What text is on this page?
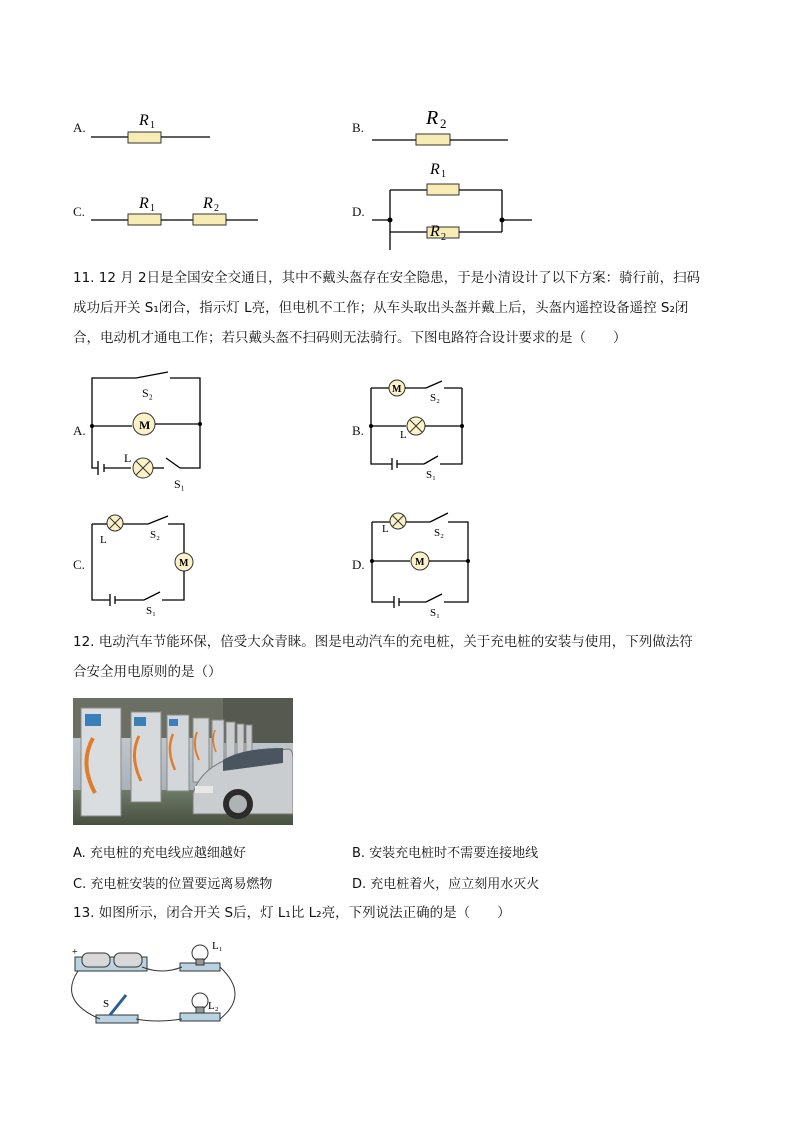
A.	R 1	B.	R 2
C.	R 1	R 2	D.
R 1
R 2
11. 12 月 2日是全国安全交通日，其中不戴头盔存在安全隐患，于是小清设计了以下方案：骑行前，扫码
成功后开关 S₁闭合，指示灯 L亮，但电机不工作；从车头取出头盔并戴上后，头盔内遥控设备遥控 S₂闭
合，电动机才通电工作；若只戴头盔不扫码则无法骑行。下图电路符合设计要求的是（　　）
A.	M
S₂
L
S₁
B.
M
S₂
L
S₁
C.	M
L	S₂
S₁
D.	M
L	S₂
S₁
12. 电动汽车节能环保，倍受大众青睐。图是电动汽车的充电桩，关于充电桩的安装与使用，下列做法符
合安全用电原则的是（）
A. 充电桩的充电线应越细越好	B. 安装充电桩时不需要连接地线
C. 充电桩安装的位置要远离易燃物	D. 充电桩着火，应立刻用水灭火
13. 如图所示，闭合开关 S后，灯 L₁比 L₂亮，下列说法正确的是（　　）
+
L₁
L₂
S
